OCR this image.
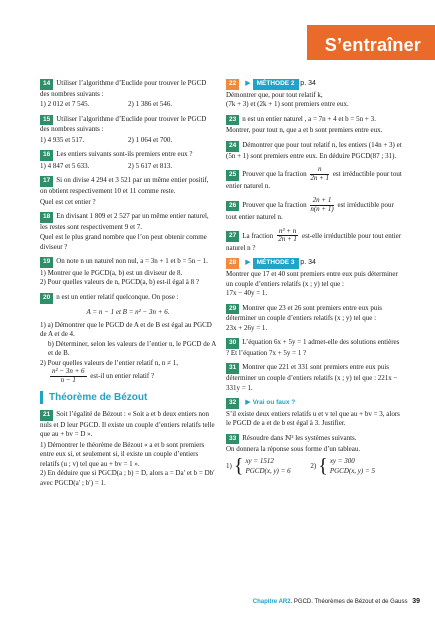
S’entraîner
14 Utiliser l’algorithme d’Euclide pour trouver le PGCD des nombres suivants :
1) 2 012 et 7 545.	2) 1 386 et 546.
15 Utiliser l’algorithme d’Euclide pour trouver le PGCD des nombres suivants :
1) 4 935 et 517.	2) 1 064 et 700.
16 Les entiers suivants sont-ils premiers entre eux ?
1) 4 847 et 5 633.	2) 5 617 et 813.
17 Si on divise 4 294 et 3 521 par un même entier positif, on obtient respectivement 10 et 11 comme reste.
Quel est cet entier ?
18 En divisant 1 809 et 2 527 par un même entier naturel, les restes sont respectivement 9 et 7.
Quel est le plus grand nombre que l’on peut obtenir comme diviseur ?
19 On note n un naturel non nul, a = 3n + 1 et b = 5n − 1.
1) Montrer que le PGCD(a, b) est un diviseur de 8.
2) Pour quelles valeurs de n, PGCD(a, b) est-il égal à 8 ?
20 n est un entier relatif quelconque. On pose :
A = n − 1 et B = n² − 3n + 6.
1) a) Démontrer que le PGCD de A et de B est égal au PGCD de A et de 4.
b) Déterminer, selon les valeurs de l’entier n, le PGCD de A et de B.
2) Pour quelles valeurs de l’entier relatif n, n ≠ 1,
$\frac{\text{n² − 3n + 6}}{n - 1} est-il$ un entier relatif ?
Théorème de Bézout
21 Soit l’égalité de Bézout : « Soit a et b deux entiers non nuls et D leur PGCD. Il existe un couple d’entiers relatifs telle que au + bv = D ».
1) Démontrer le théorème de Bézout « a et b sont premiers entre eux si, et seulement si, il existe un couple d’entiers relatifs (u ; v) tel que au + bv = 1 ».
2) En déduire que si PGCD(a ; b) = D, alors a = Da′ et b = Db′ avec PGCD(a′ ; b′) = 1.
22 ▶ MÉTHODE 2 p. 34
Démontrer que, pour tout relatif k,
(7k + 3) et (2k + 1) sont premiers entre eux.
23 n est un entier naturel , a = 7n + 4 et b = 5n + 3.
Montrer, pour tout n, que a et b sont premiers entre eux.
24 Démontrer que pour tout relatif n, les entiers (14n + 3) et (5n + 1) sont premiers entre eux. En déduire PGCD(87 ; 31).
25 Prouver que la fraction $\frac{n}{2n + 1}$ est irréductible pour tout entier naturel n.
26 Prouver que la fraction $\frac{2n + 1}{n(n + 1)}$ est irréductible pour tout entier naturel n.
27 La fraction $\frac{\text{n³ + n}}{2n + 1}$ est-elle irréductible pour tout entier naturel n ?
28 ▶ MÉTHODE 3 p. 34
Montrer que 17 et 40 sont premiers entre eux puis déterminer un couple d’entiers relatifs (x ; y) tel que :
17x − 40y = 1.
29 Montrer que 23 et 26 sont premiers entre eux puis déterminer un couple d’entiers relatifs (x ; y) tel que :
23x + 26y = 1.
30 L’équation 6x + 5y = 1 admet-elle des solutions entières ? Et l’équation 7x + 5y = 1 ?
31 Montrer que 221 et 331 sont premiers entre eux puis déterminer un couple d’entiers relatifs (x ; y) tel que : 221x − 331y = 1.
32 ▶ Vrai ou faux ?
S’il existe deux entiers relatifs u et v tel que au + bv = 3, alors le PGCD de a et de b est égal à 3. Justifier.
33 Résoudre dans ℕ² les systèmes suivants.
On donnera la réponse sous forme d’un tableau.
1) { xy = 1512
PGCD(x, y) = 6

2) { xy = 300
PGCD(x, y) = 5
Chapitre AR2. PGCD. Théorèmes de Bézout et de Gauss 39
